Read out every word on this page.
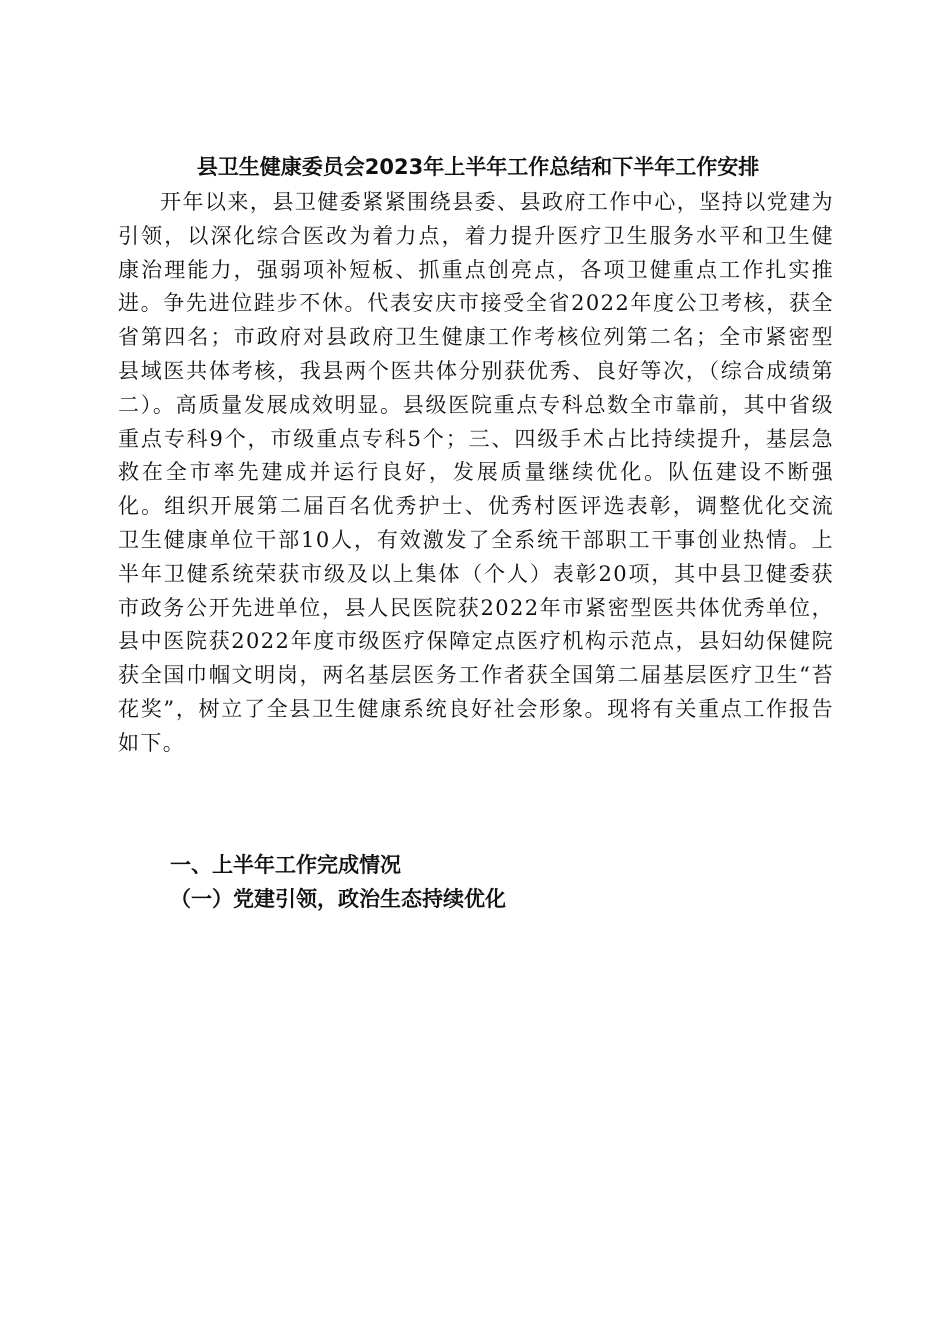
县卫生健康委员会2023年上半年工作总结和下半年工作安排

开年以来，县卫健委紧紧围绕县委、县政府工作中心，坚持以党建为引领，以深化综合医改为着力点，着力提升医疗卫生服务水平和卫生健康治理能力，强弱项补短板、抓重点创亮点，各项卫健重点工作扎实推进。争先进位跬步不休。代表安庆市接受全省2022年度公卫考核，获全省第四名；市政府对县政府卫生健康工作考核位列第二名；全市紧密型县域医共体考核，我县两个医共体分别获优秀、良好等次，（综合成绩第二）。高质量发展成效明显。县级医院重点专科总数全市靠前，其中省级重点专科9个，市级重点专科5个；三、四级手术占比持续提升，基层急救在全市率先建成并运行良好，发展质量继续优化。队伍建设不断强化。组织开展第二届百名优秀护士、优秀村医评选表彰，调整优化交流卫生健康单位干部10人，有效激发了全系统干部职工干事创业热情。上半年卫健系统荣获市级及以上集体（个人）表彰20项，其中县卫健委获市政务公开先进单位，县人民医院获2022年市紧密型医共体优秀单位，县中医院获2022年度市级医疗保障定点医疗机构示范点，县妇幼保健院获全国巾帼文明岗，两名基层医务工作者获全国第二届基层医疗卫生“苔花奖”，树立了全县卫生健康系统良好社会形象。现将有关重点工作报告如下。

一、上半年工作完成情况
（一）党建引领，政治生态持续优化
